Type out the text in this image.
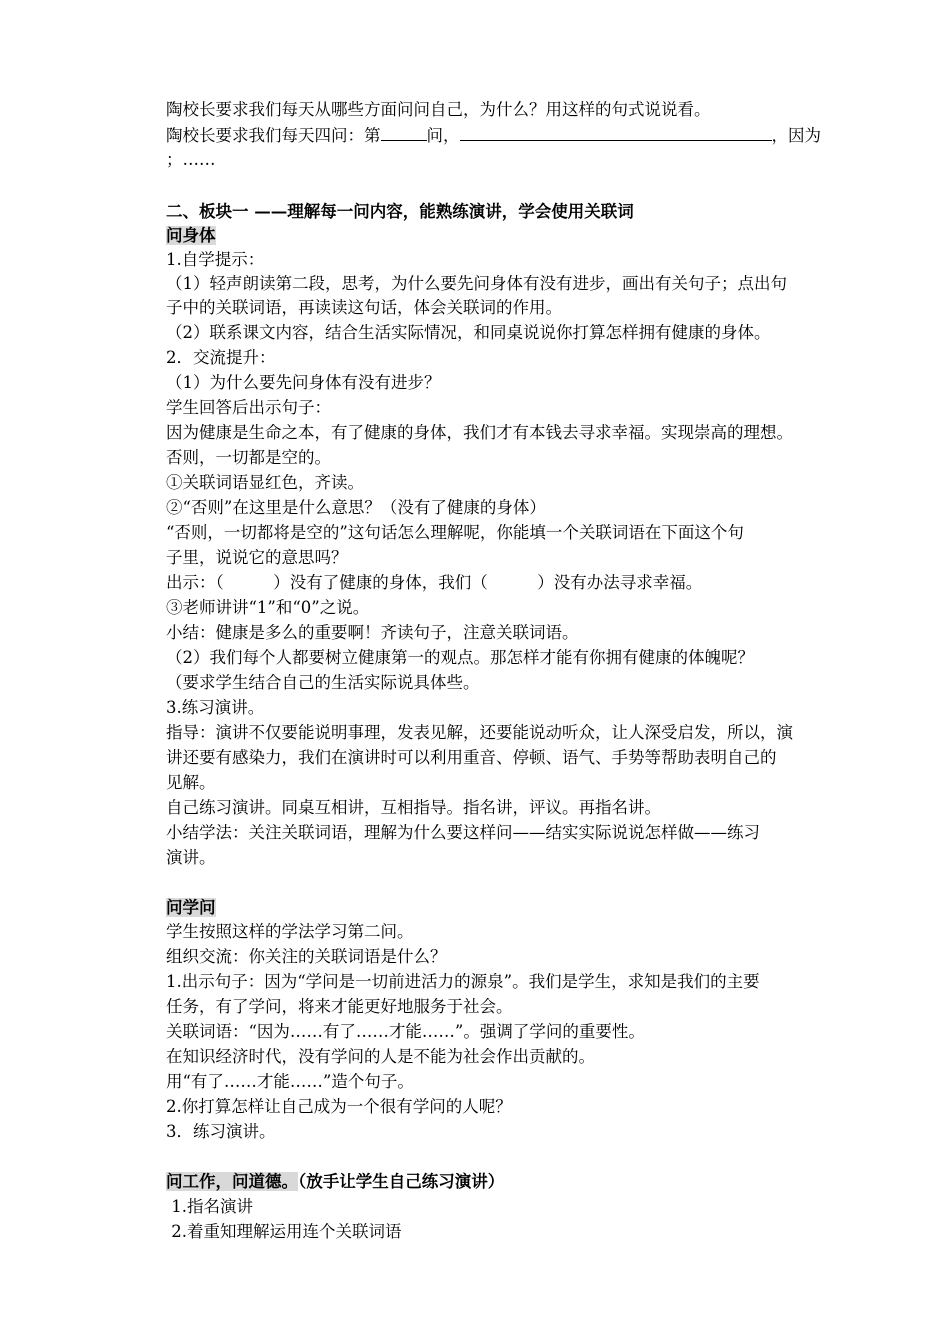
陶校长要求我们每天从哪些方面问问自己，为什么？用这样的句式说说看。
陶校长要求我们每天四问：第	问，	，因为
；……
二、板块一 ——理解每一问内容，能熟练演讲，学会使用关联词
问身体
1.自学提示：
（1）轻声朗读第二段，思考，为什么要先问身体有没有进步，画出有关句子；点出句
子中的关联词语，再读读这句话，体会关联词的作用。
（2）联系课文内容，结合生活实际情况，和同桌说说你打算怎样拥有健康的身体。
2．交流提升：
（1）为什么要先问身体有没有进步？
学生回答后出示句子：
因为健康是生命之本，有了健康的身体，我们才有本钱去寻求幸福。实现崇高的理想。
否则，一切都是空的。
①关联词语显红色，齐读。
②“否则”在这里是什么意思？（没有了健康的身体）
“否则，一切都将是空的”这句话怎么理解呢，你能填一个关联词语在下面这个句
子里，说说它的意思吗？
出示：（　　　）没有了健康的身体，我们（　　　）没有办法寻求幸福。
③老师讲讲“1”和“0”之说。
小结：健康是多么的重要啊！齐读句子，注意关联词语。
（2）我们每个人都要树立健康第一的观点。那怎样才能有你拥有健康的体魄呢？
（要求学生结合自己的生活实际说具体些。
3.练习演讲。
指导：演讲不仅要能说明事理，发表见解，还要能说动听众，让人深受启发，所以，演
讲还要有感染力，我们在演讲时可以利用重音、停顿、语气、手势等帮助表明自己的
见解。
自己练习演讲。同桌互相讲，互相指导。指名讲，评议。再指名讲。
小结学法：关注关联词语，理解为什么要这样问——结实实际说说怎样做——练习
演讲。
问学问
学生按照这样的学法学习第二问。
组织交流：你关注的关联词语是什么？
1.出示句子：因为“学问是一切前进活力的源泉”。我们是学生，求知是我们的主要
任务，有了学问，将来才能更好地服务于社会。
关联词语：“因为……有了……才能……”。强调了学问的重要性。
在知识经济时代，没有学问的人是不能为社会作出贡献的。
用“有了……才能……”造个句子。
2.你打算怎样让自己成为一个很有学问的人呢？
3．练习演讲。
问工作，问道德。（放手让学生自己练习演讲）
1.指名演讲
2.着重知理解运用连个关联词语
